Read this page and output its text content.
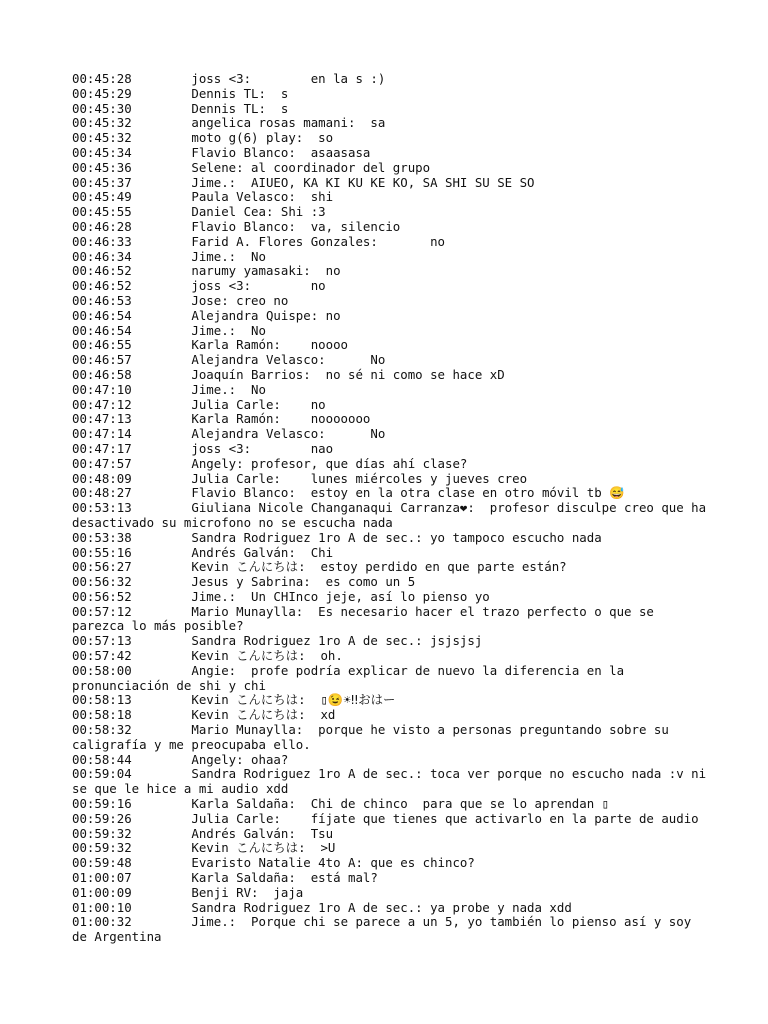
00:45:28	joss <3:	en la s :)
00:45:29	Dennis TL:  s
00:45:30	Dennis TL:  s
00:45:32	angelica rosas mamani:  sa
00:45:32	moto g(6) play:  so
00:45:34	Flavio Blanco:	asaasasa
00:45:36	Selene:	al coordinador del grupo
00:45:37	Jime.:	AIUEO, KA KI KU KE KO, SA SHI SU SE SO
00:45:49	Paula Velasco:	shi
00:45:55	Daniel Cea: Shi :3
00:46:28	Flavio Blanco:	va, silencio
00:46:33	Farid A. Flores Gonzales:	no
00:46:34	Jime.:	No
00:46:52	narumy yamasaki:  no
00:46:52	joss <3:	no
00:46:53	Jose: creo no
00:46:54	Alejandra Quispe: no
00:46:54	Jime.:	No
00:46:55	Karla Ramón:	noooo
00:46:57	Alejandra Velasco:	No
00:46:58	Joaquín Barrios:  no sé ni como se hace xD
00:47:10	Jime.:	No
00:47:12	Julia Carle:	no
00:47:13	Karla Ramón:	nooooooo
00:47:14	Alejandra Velasco:	No
00:47:17	joss <3:	nao
00:47:57	Angely:	profesor, que días ahí clase?
00:48:09	Julia Carle:	lunes miércoles y jueves creo
00:48:27	Flavio Blanco:	estoy en la otra clase en otro móvil tb 😅
00:53:13	Giuliana Nicole Changanaqui Carranza❤:	profesor disculpe creo que ha desactivado su microfono no se escucha nada
00:53:38	Sandra Rodriguez 1ro A de sec.:	yo tampoco escucho nada
00:55:16	Andrés Galván:	Chi
00:56:27	Kevin こんにちは:  estoy perdido en que parte están?
00:56:32	Jesus y Sabrina:  es como un 5
00:56:52	Jime.:	Un CHInco jeje, así lo pienso yo
00:57:12	Mario Munaylla:  Es necesario hacer el trazo perfecto o que se parezca lo más posible?
00:57:13	Sandra Rodriguez 1ro A de sec.:	jsjsjsj
00:57:42	Kevin こんにちは:  oh.
00:58:00	Angie:	profe podría explicar de nuevo la diferencia en la pronunciación de shi y chi
00:58:13	Kevin こんにちは:  ▯😉☀‼おはー
00:58:18	Kevin こんにちは:  xd
00:58:32	Mario Munaylla:  porque he visto a personas preguntando sobre su caligrafía y me preocupaba ello.
00:58:44	Angely:	ohaa?
00:59:04	Sandra Rodriguez 1ro A de sec.:	toca ver porque no escucho nada :v ni se que le hice a mi audio xdd
00:59:16	Karla Saldaña:	Chi de chinco  para que se lo aprendan ▯
00:59:26	Julia Carle:	fíjate que tienes que activarlo en la parte de audio
00:59:32	Andrés Galván:	Tsu
00:59:32	Kevin こんにちは:  >U
00:59:48	Evaristo Natalie 4to A: que es chinco?
01:00:07	Karla Saldaña:	está mal?
01:00:09	Benji RV:  jaja
01:00:10	Sandra Rodriguez 1ro A de sec.:	ya probe y nada xdd
01:00:32	Jime.:	Porque chi se parece a un 5, yo también lo pienso así y soy de Argentina
